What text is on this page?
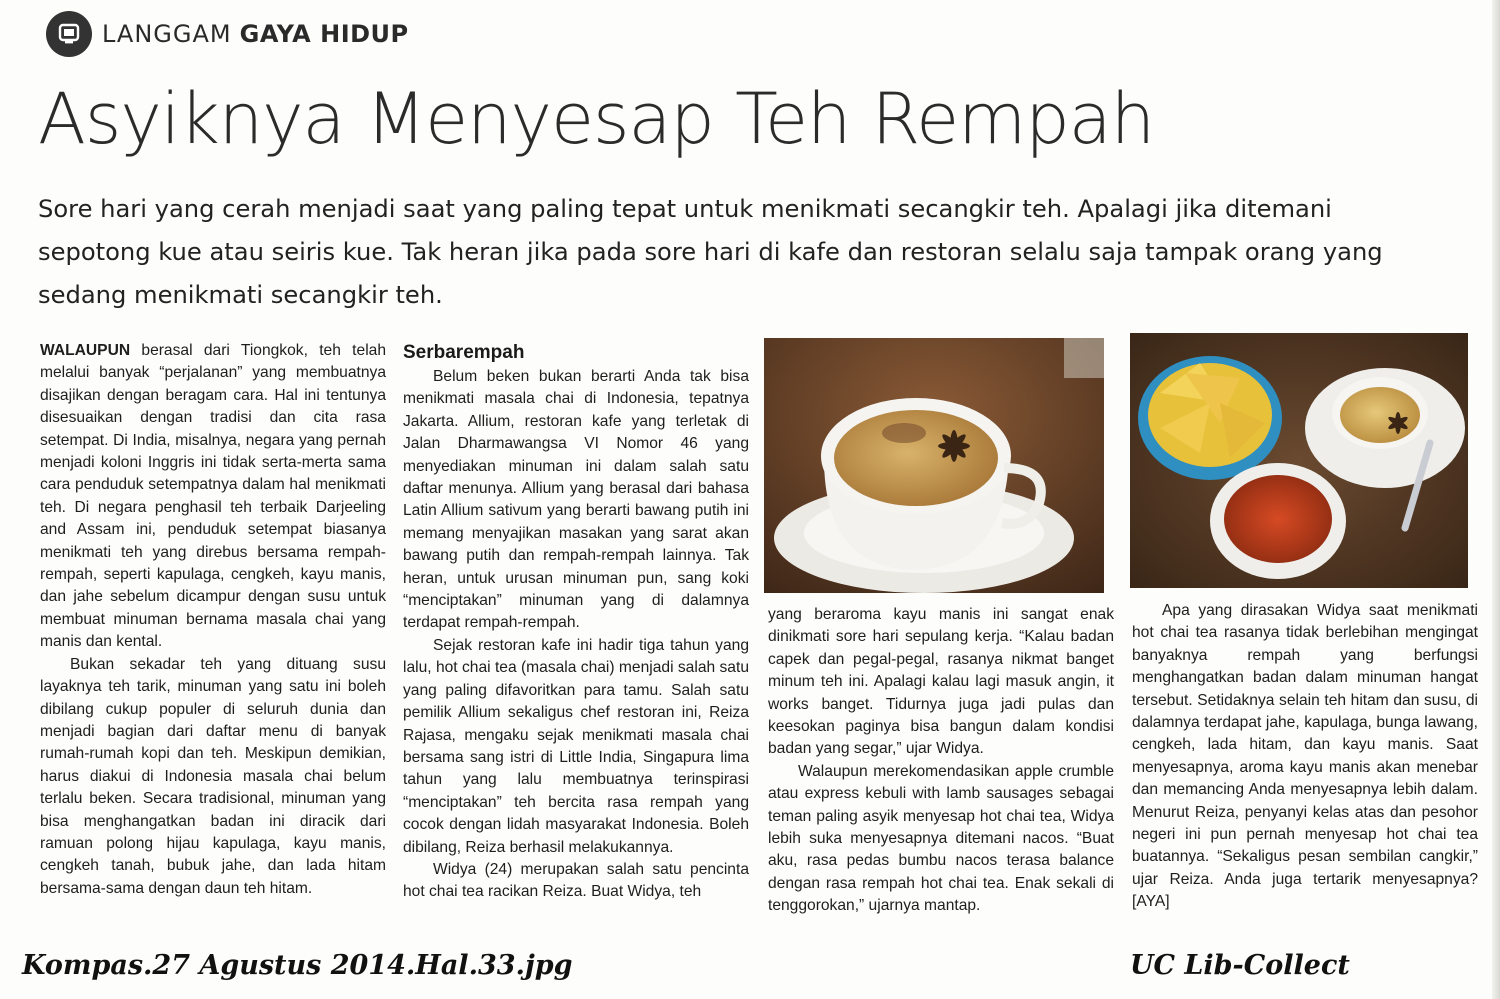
LANGGAM GAYA HIDUP
Asyiknya Menyesap Teh Rempah
Sore hari yang cerah menjadi saat yang paling tepat untuk menikmati secangkir teh. Apalagi jika ditemani
sepotong kue atau seiris kue. Tak heran jika pada sore hari di kafe dan restoran selalu saja tampak orang yang
sedang menikmati secangkir teh.

WALAUPUN berasal dari Tiongkok, teh telah melalui banyak “perjalanan” yang membuatnya disajikan dengan beragam cara. Hal ini tentunya disesuaikan dengan tradisi dan cita rasa setempat. Di India, misalnya, negara yang pernah menjadi koloni Inggris ini tidak serta-merta sama cara penduduk setempatnya dalam hal menikmati teh. Di negara penghasil teh terbaik Darjeeling and Assam ini, penduduk setempat biasanya menikmati teh yang direbus bersama rempah-rempah, seperti kapulaga, cengkeh, kayu manis, dan jahe sebelum dicampur dengan susu untuk membuat minuman bernama masala chai yang manis dan kental.

Bukan sekadar teh yang dituang susu layaknya teh tarik, minuman yang satu ini boleh dibilang cukup populer di seluruh dunia dan menjadi bagian dari daftar menu di banyak rumah-rumah kopi dan teh. Meskipun demikian, harus diakui di Indonesia masala chai belum terlalu beken. Secara tradisional, minuman yang bisa menghangatkan badan ini diracik dari ramuan polong hijau kapulaga, kayu manis, cengkeh tanah, bubuk jahe, dan lada hitam bersama-sama dengan daun teh hitam.

Serbarempah

Belum beken bukan berarti Anda tak bisa menikmati masala chai di Indonesia, tepatnya Jakarta. Allium, restoran kafe yang terletak di Jalan Dharmawangsa VI Nomor 46 yang menyediakan minuman ini dalam salah satu daftar menunya. Allium yang berasal dari bahasa Latin Allium sativum yang berarti bawang putih ini memang menyajikan masakan yang sarat akan bawang putih dan rempah-rempah lainnya. Tak heran, untuk urusan minuman pun, sang koki “menciptakan” minuman yang di dalamnya terdapat rempah-rempah.

Sejak restoran kafe ini hadir tiga tahun yang lalu, hot chai tea (masala chai) menjadi salah satu yang paling difavoritkan para tamu. Salah satu pemilik Allium sekaligus chef restoran ini, Reiza Rajasa, mengaku sejak menikmati masala chai bersama sang istri di Little India, Singapura lima tahun yang lalu membuatnya terinspirasi “menciptakan” teh bercita rasa rempah yang cocok dengan lidah masyarakat Indonesia. Boleh dibilang, Reiza berhasil melakukannya.

Widya (24) merupakan salah satu pencinta hot chai tea racikan Reiza. Buat Widya, teh

yang beraroma kayu manis ini sangat enak dinikmati sore hari sepulang kerja. “Kalau badan capek dan pegal-pegal, rasanya nikmat banget minum teh ini. Apalagi kalau lagi masuk angin, it works banget. Tidurnya juga jadi pulas dan keesokan paginya bisa bangun dalam kondisi badan yang segar,” ujar Widya.

Walaupun merekomendasikan apple crumble atau express kebuli with lamb sausages sebagai teman paling asyik menyesap hot chai tea, Widya lebih suka menyesapnya ditemani nacos. “Buat aku, rasa pedas bumbu nacos terasa balance dengan rasa rempah hot chai tea. Enak sekali di tenggorokan,” ujarnya mantap.

Apa yang dirasakan Widya saat menikmati hot chai tea rasanya tidak berlebihan mengingat banyaknya rempah yang berfungsi menghangatkan badan dalam minuman hangat tersebut. Setidaknya selain teh hitam dan susu, di dalamnya terdapat jahe, kapulaga, bunga lawang, cengkeh, lada hitam, dan kayu manis. Saat menyesapnya, aroma kayu manis akan menebar dan memancing Anda menyesapnya lebih dalam. Menurut Reiza, penyanyi kelas atas dan pesohor negeri ini pun pernah menyesap hot chai tea buatannya. “Sekaligus pesan sembilan cangkir,” ujar Reiza. Anda juga tertarik menyesapnya? [AYA]

Kompas.27 Agustus 2014.Hal.33.jpg	UC Lib-Collect
